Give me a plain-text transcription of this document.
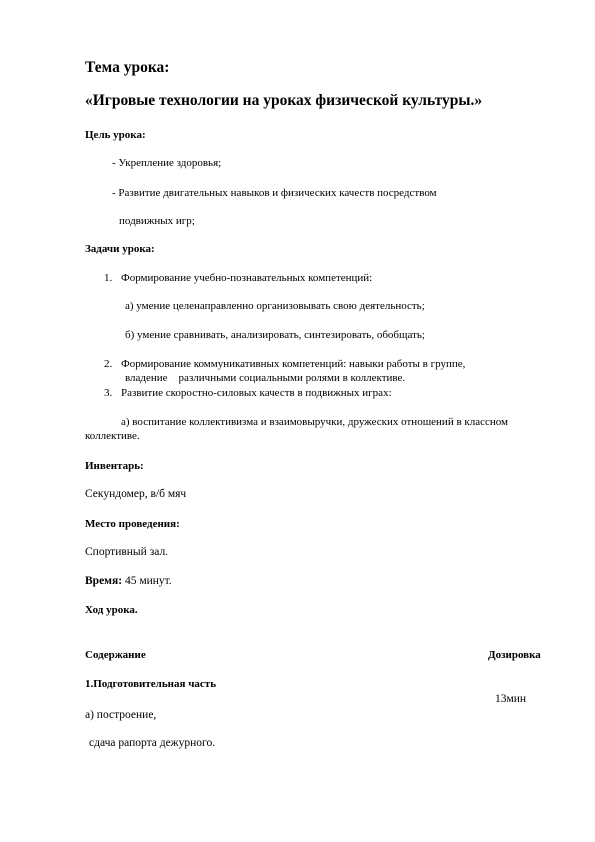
Тема урока:
«Игровые технологии на уроках физической культуры.»
Цель урока:
- Укрепление здоровья;
- Развитие двигательных навыков и физических качеств посредством
подвижных игр;
Задачи урока:
1. Формирование учебно-познавательных компетенций:
а) умение целенаправленно организовывать свою деятельность;
б) умение сравнивать, анализировать, синтезировать, обобщать;
2. Формирование коммуникативных компетенций: навыки работы в группе,
владение    различными социальными ролями в коллективе.
3. Развитие скоростно-силовых качеств в подвижных играх:
а) воспитание коллективизма и взаимовыручки, дружеских отношений в классном
коллективе.
Инвентарь:
Секундомер, в/б мяч
Место проведения:
Спортивный зал.
Время: 45 минут.
Ход урока.
Содержание	Дозировка
1.Подготовительная часть
13мин
а) построение,
сдача рапорта дежурного.
